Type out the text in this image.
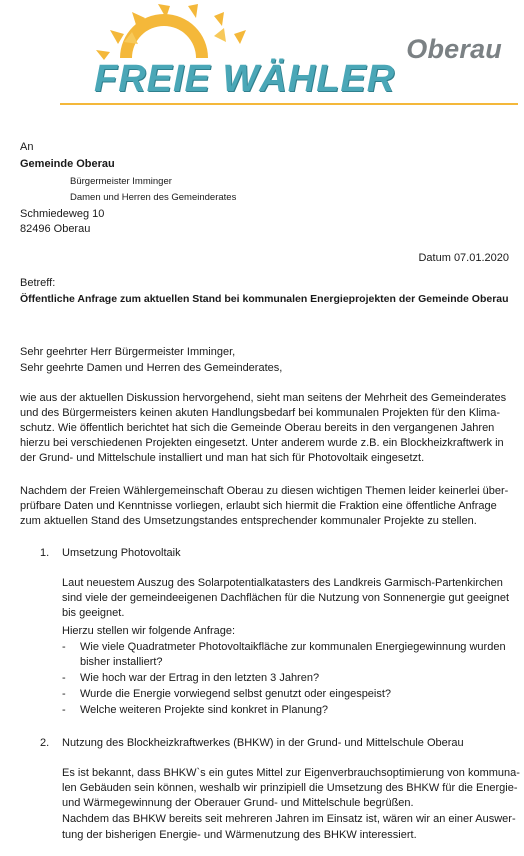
Oberau
FREIE WÄHLER
An
Gemeinde Oberau
Bürgermeister Imminger
Damen und Herren des Gemeinderates
Schmiedeweg 10
82496 Oberau
Datum 07.01.2020
Betreff:
Öffentliche Anfrage zum aktuellen Stand bei kommunalen Energieprojekten der Gemeinde Oberau
Sehr geehrter Herr Bürgermeister Imminger,
Sehr geehrte Damen und Herren des Gemeinderates,
wie aus der aktuellen Diskussion hervorgehend, sieht man seitens der Mehrheit des Gemeinderates
und des Bürgermeisters keinen akuten Handlungsbedarf bei kommunalen Projekten für den Klima-
schutz. Wie öffentlich berichtet hat sich die Gemeinde Oberau bereits in den vergangenen Jahren
hierzu bei verschiedenen Projekten eingesetzt. Unter anderem wurde z.B. ein Blockheizkraftwerk in
der Grund- und Mittelschule installiert und man hat sich für Photovoltaik eingesetzt.
Nachdem der Freien Wählergemeinschaft Oberau zu diesen wichtigen Themen leider keinerlei über-
prüfbare Daten und Kenntnisse vorliegen, erlaubt sich hiermit die Fraktion eine öffentliche Anfrage
zum aktuellen Stand des Umsetzungstandes entsprechender kommunaler Projekte zu stellen.
1. Umsetzung Photovoltaik
Laut neuestem Auszug des Solarpotentialkatasters des Landkreis Garmisch-Partenkirchen
sind viele der gemeindeeigenen Dachflächen für die Nutzung von Sonnenergie gut geeignet
bis geeignet.
Hierzu stellen wir folgende Anfrage:
- Wie viele Quadratmeter Photovoltaikfläche zur kommunalen Energiegewinnung wurden
bisher installiert?
- Wie hoch war der Ertrag in den letzten 3 Jahren?
- Wurde die Energie vorwiegend selbst genutzt oder eingespeist?
- Welche weiteren Projekte sind konkret in Planung?
2. Nutzung des Blockheizkraftwerkes (BHKW) in der Grund- und Mittelschule Oberau
Es ist bekannt, dass BHKW`s ein gutes Mittel zur Eigenverbrauchsoptimierung von kommuna-
len Gebäuden sein können, weshalb wir prinzipiell die Umsetzung des BHKW für die Energie-
und Wärmegewinnung der Oberauer Grund- und Mittelschule begrüßen.
Nachdem das BHKW bereits seit mehreren Jahren im Einsatz ist, wären wir an einer Auswer-
tung der bisherigen Energie- und Wärmenutzung des BHKW interessiert.
